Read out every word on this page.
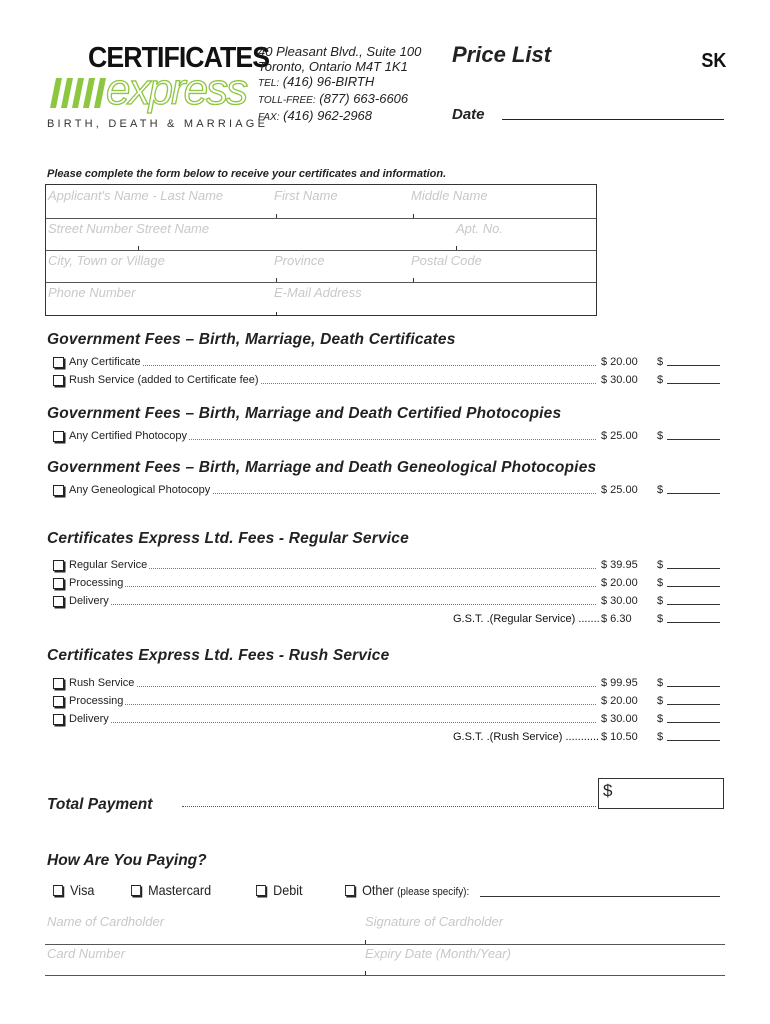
CERTIFICATES
express
BIRTH, DEATH & MARRIAGE
40 Pleasant Blvd., Suite 100
Toronto, Ontario M4T 1K1
TEL: (416) 96-BIRTH
TOLL-FREE: (877) 663-6606
FAX: (416) 962-2968
Price List	SK
Date
Please complete the form below to receive your certificates and information.
Applicant's Name - Last Name	First Name	Middle Name
Street Number Street Name	Apt. No.
City, Town or Village	Province	Postal Code
Phone Number	E-Mail Address
Government Fees – Birth, Marriage, Death Certificates
Any Certificate	$ 20.00 $
Rush Service (added to Certificate fee)	$ 30.00 $
Government Fees – Birth, Marriage and Death Certified Photocopies
Any Certified Photocopy	$ 25.00 $
Government Fees – Birth, Marriage and Death Geneological Photocopies
Any Geneological Photocopy	$ 25.00 $
Certificates Express Ltd. Fees - Regular Service
Regular Service	$ 39.95 $
Processing	$ 20.00 $
Delivery	$ 30.00 $
G.S.T. .(Regular Service) ....... $ 6.30	$
Certificates Express Ltd. Fees - Rush Service
Rush Service	$ 99.95 $
Processing	$ 20.00 $
Delivery	$ 30.00 $
G.S.T. .(Rush Service) ........... $ 10.50 $
Total Payment
$
How Are You Paying?
Visa	Mastercard	Debit	Other (please specify):
Name of Cardholder	Signature of Cardholder
Card Number	Expiry Date (Month/Year)
